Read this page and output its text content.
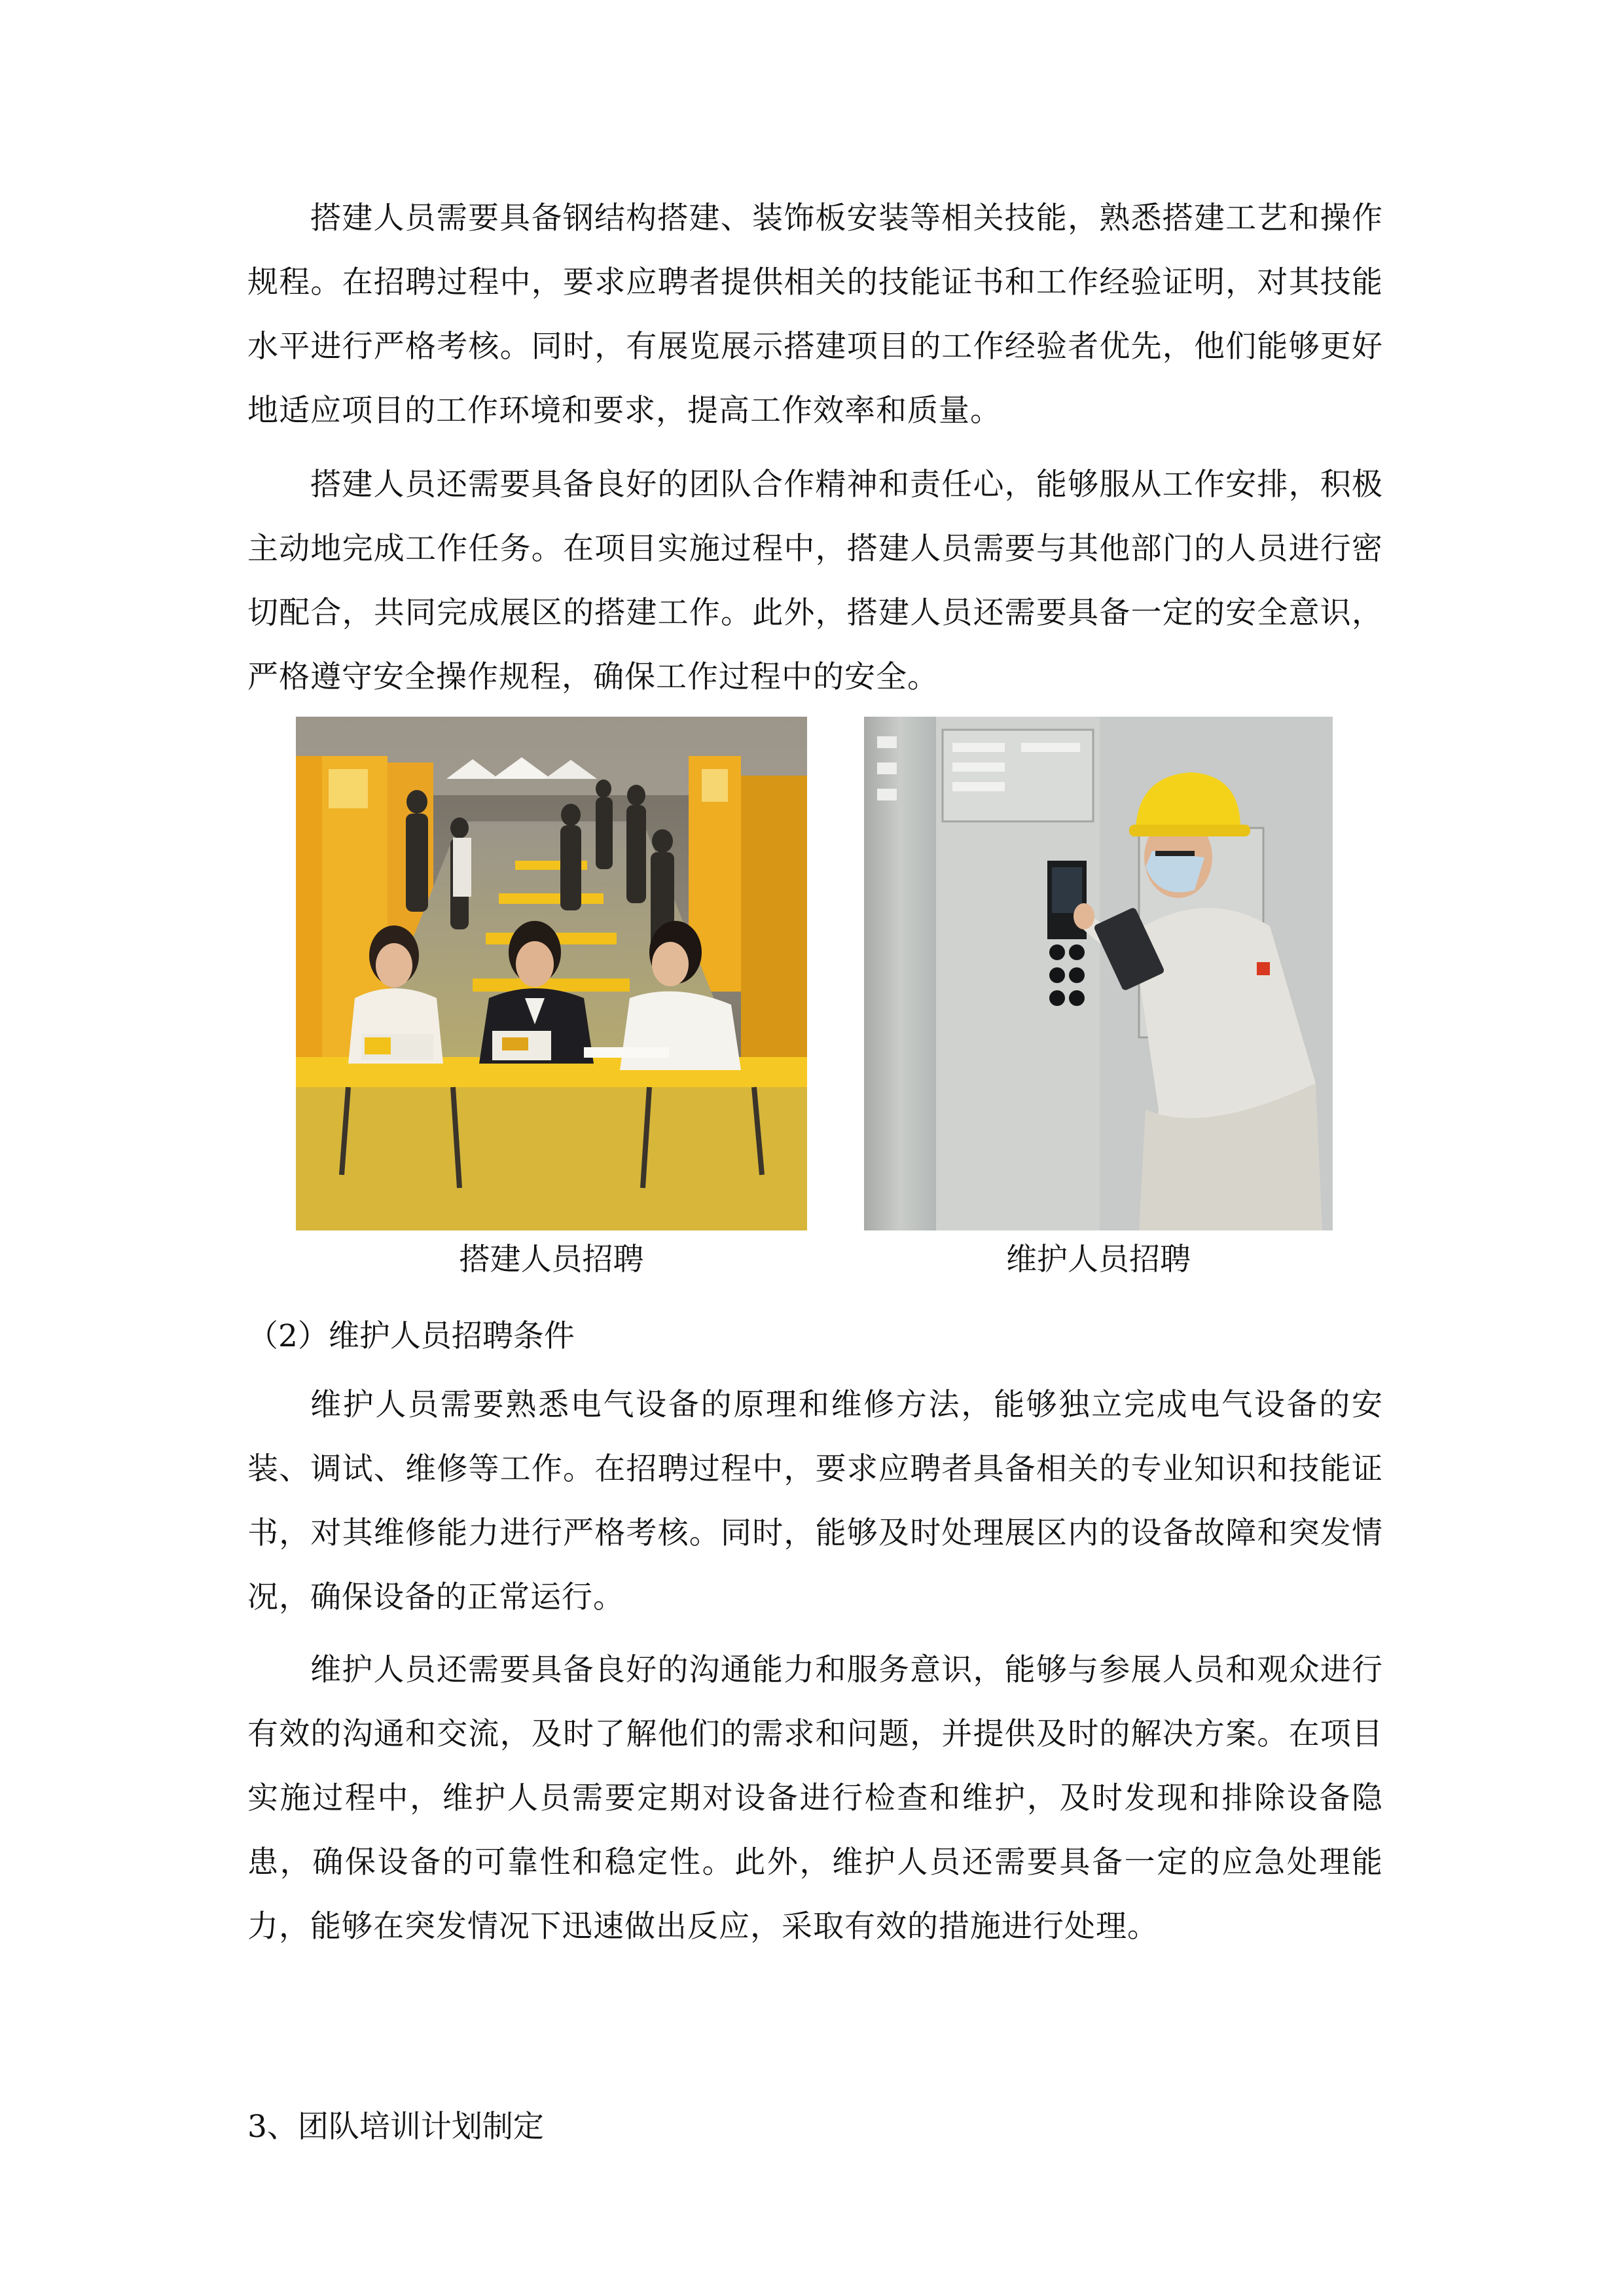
搭建人员需要具备钢结构搭建、装饰板安装等相关技能，熟悉搭建工艺和操作规程。在招聘过程中，要求应聘者提供相关的技能证书和工作经验证明，对其技能水平进行严格考核。同时，有展览展示搭建项目的工作经验者优先，他们能够更好地适应项目的工作环境和要求，提高工作效率和质量。

搭建人员还需要具备良好的团队合作精神和责任心，能够服从工作安排，积极主动地完成工作任务。在项目实施过程中，搭建人员需要与其他部门的人员进行密切配合，共同完成展区的搭建工作。此外，搭建人员还需要具备一定的安全意识，严格遵守安全操作规程，确保工作过程中的安全。

搭建人员招聘	维护人员招聘

（2）维护人员招聘条件

维护人员需要熟悉电气设备的原理和维修方法，能够独立完成电气设备的安装、调试、维修等工作。在招聘过程中，要求应聘者具备相关的专业知识和技能证书，对其维修能力进行严格考核。同时，能够及时处理展区内的设备故障和突发情况，确保设备的正常运行。

维护人员还需要具备良好的沟通能力和服务意识，能够与参展人员和观众进行有效的沟通和交流，及时了解他们的需求和问题，并提供及时的解决方案。在项目实施过程中，维护人员需要定期对设备进行检查和维护，及时发现和排除设备隐患，确保设备的可靠性和稳定性。此外，维护人员还需要具备一定的应急处理能力，能够在突发情况下迅速做出反应，采取有效的措施进行处理。

3、团队培训计划制定
